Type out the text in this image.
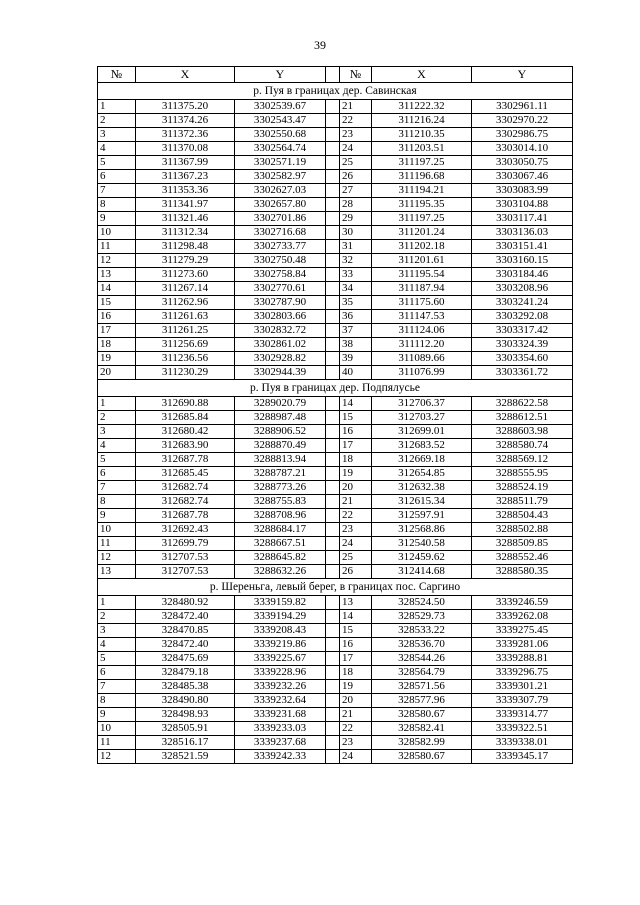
39
№	X	Y		№	X	Y
р. Пуя в границах дер. Савинская						
1	311375.20	3302539.67		21	311222.32	3302961.11
2	311374.26	3302543.47		22	311216.24	3302970.22
3	311372.36	3302550.68		23	311210.35	3302986.75
4	311370.08	3302564.74		24	311203.51	3303014.10
5	311367.99	3302571.19		25	311197.25	3303050.75
6	311367.23	3302582.97		26	311196.68	3303067.46
7	311353.36	3302627.03		27	311194.21	3303083.99
8	311341.97	3302657.80		28	311195.35	3303104.88
9	311321.46	3302701.86		29	311197.25	3303117.41
10	311312.34	3302716.68		30	311201.24	3303136.03
11	311298.48	3302733.77		31	311202.18	3303151.41
12	311279.29	3302750.48		32	311201.61	3303160.15
13	311273.60	3302758.84		33	311195.54	3303184.46
14	311267.14	3302770.61		34	311187.94	3303208.96
15	311262.96	3302787.90		35	311175.60	3303241.24
16	311261.63	3302803.66		36	311147.53	3303292.08
17	311261.25	3302832.72		37	311124.06	3303317.42
18	311256.69	3302861.02		38	311112.20	3303324.39
19	311236.56	3302928.82		39	311089.66	3303354.60
20	311230.29	3302944.39		40	311076.99	3303361.72
р. Пуя в границах дер. Подпялусье						
1	312690.88	3289020.79		14	312706.37	3288622.58
2	312685.84	3288987.48		15	312703.27	3288612.51
3	312680.42	3288906.52		16	312699.01	3288603.98
4	312683.90	3288870.49		17	312683.52	3288580.74
5	312687.78	3288813.94		18	312669.18	3288569.12
6	312685.45	3288787.21		19	312654.85	3288555.95
7	312682.74	3288773.26		20	312632.38	3288524.19
8	312682.74	3288755.83		21	312615.34	3288511.79
9	312687.78	3288708.96		22	312597.91	3288504.43
10	312692.43	3288684.17		23	312568.86	3288502.88
11	312699.79	3288667.51		24	312540.58	3288509.85
12	312707.53	3288645.82		25	312459.62	3288552.46
13	312707.53	3288632.26		26	312414.68	3288580.35
р. Шереньга, левый берег, в границах пос. Саргино						
1	328480.92	3339159.82		13	328524.50	3339246.59
2	328472.40	3339194.29		14	328529.73	3339262.08
3	328470.85	3339208.43		15	328533.22	3339275.45
4	328472.40	3339219.86		16	328536.70	3339281.06
5	328475.69	3339225.67		17	328544.26	3339288.81
6	328479.18	3339228.96		18	328564.79	3339296.75
7	328485.38	3339232.26		19	328571.56	3339301.21
8	328490.80	3339232.64		20	328577.96	3339307.79
9	328498.93	3339231.68		21	328580.67	3339314.77
10	328505.91	3339233.03		22	328582.41	3339322.51
11	328516.17	3339237.68		23	328582.99	3339338.01
12	328521.59	3339242.33		24	328580.67	3339345.17
